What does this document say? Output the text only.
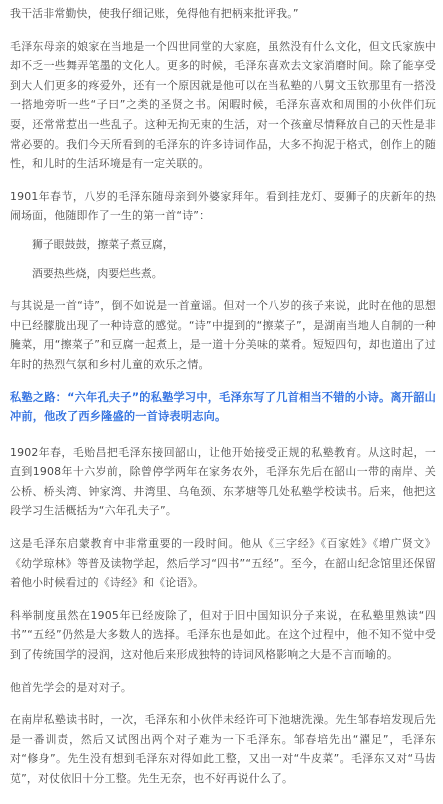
我干活非常勤快，使我仔细记账，免得他有把柄来批评我。”

毛泽东母亲的娘家在当地是一个四世同堂的大家庭，虽然没有什么文化，但文氏家族中却不乏一些舞弄笔墨的文化人。更多的时候，毛泽东喜欢去文家消磨时间。除了能享受到大人们更多的疼爱外，还有一个原因就是他可以在当私塾的八舅文玉钦那里有一搭没一搭地旁听一些“子曰”之类的圣贤之书。闲暇时候，毛泽东喜欢和周围的小伙伴们玩耍，还常常惹出一些乱子。这种无拘无束的生活，对一个孩童尽情释放自己的天性是非常必要的。我们今天所看到的毛泽东的许多诗词作品，大多不拘泥于格式，创作上的随性，和儿时的生活环境是有一定关联的。

1901年春节，八岁的毛泽东随母亲到外婆家拜年。看到挂龙灯、耍狮子的庆新年的热闹场面，他随即作了一生的第一首“诗”：

狮子眼鼓鼓，擦菜子煮豆腐，

酒要热些烧，肉要烂些煮。

与其说是一首“诗”，倒不如说是一首童谣。但对一个八岁的孩子来说，此时在他的思想中已经朦胧出现了一种诗意的感觉。“诗”中提到的“擦菜子”，是湖南当地人自制的一种腌菜，用“擦菜子”和豆腐一起煮上，是一道十分美味的菜肴。短短四句，却也道出了过年时的热烈气氛和乡村儿童的欢乐之情。

私塾之路：“六年孔夫子”的私塾学习中，毛泽东写了几首相当不错的小诗。离开韶山冲前，他改了西乡隆盛的一首诗表明志向。

1902年春，毛贻昌把毛泽东接回韶山，让他开始接受正规的私塾教育。从这时起，一直到1908年十六岁前，除曾停学两年在家务农外，毛泽东先后在韶山一带的南岸、关公桥、桥头湾、钟家湾、井湾里、乌龟颈、东茅塘等几处私塾学校读书。后来，他把这段学习生活概括为“六年孔夫子”。

这是毛泽东启蒙教育中非常重要的一段时间。他从《三字经》《百家姓》《增广贤文》《幼学琼林》等普及读物学起，然后学习“四书”“五经”。至今，在韶山纪念馆里还保留着他小时候看过的《诗经》和《论语》。

科举制度虽然在1905年已经废除了，但对于旧中国知识分子来说，在私塾里熟读“四书”“五经”仍然是大多数人的选择。毛泽东也是如此。在这个过程中，他不知不觉中受到了传统国学的浸润，这对他后来形成独特的诗词风格影响之大是不言而喻的。

他首先学会的是对对子。

在南岸私塾读书时，一次，毛泽东和小伙伴未经许可下池塘洗澡。先生邹春培发现后先是一番训责，然后又试图出两个对子难为一下毛泽东。邹春培先出“濯足”，毛泽东对“修身”。先生没有想到毛泽东对得如此工整，又出一对“牛皮菜”。毛泽东又对“马齿苋”，对仗依旧十分工整。先生无奈，也不好再说什么了。
